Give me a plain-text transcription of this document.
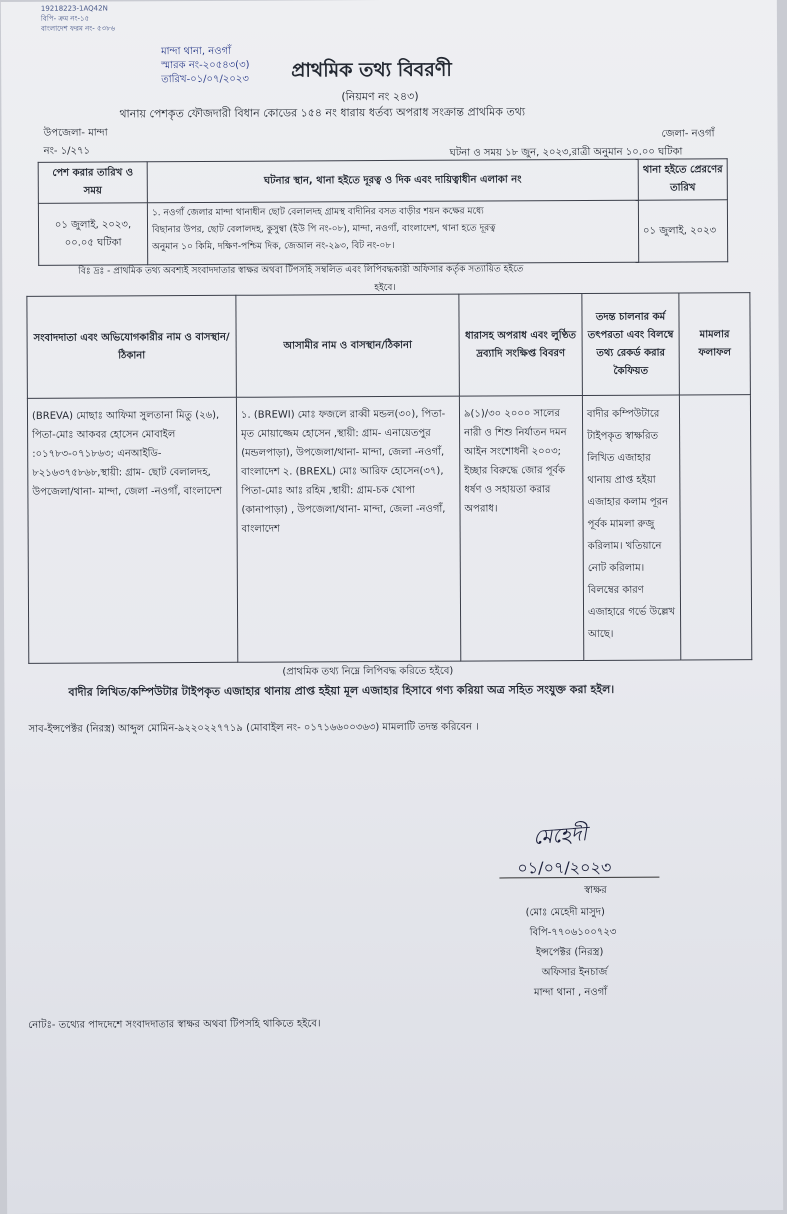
19218223-1AQ42N
বিপি- ক্রম নং-১৫
বাংলাদেশ ফরম নং- ৫৩৮৬
মান্দা থানা, নওগাঁ
স্মারক নং-২০৫৪৩(৩)
তারিখ-০১/০৭/২০২৩ প্রাথমিক তথ্য বিবরণী
(নিয়মণ নং ২৪৩)
থানায় পেশকৃত ফৌজদারী বিধান কোডের ১৫৪ নং ধারায় ধর্তব্য অপরাধ সংক্রান্ত প্রাথমিক তথ্য
উপজেলা- মান্দা	জেলা- নওগাঁ
নং- ১/২৭১	ঘটনা ও সময় ১৮ জুন, ২০২৩,রাত্রী অনুমান ১০.০০ ঘটিকা
পেশ করার তারিখ ও সময়	ঘটনার স্থান, থানা হইতে দূরত্ব ও দিক এবং দায়িত্বাধীন এলাকা নং	থানা হইতে প্রেরণের তারিখ
০১ জুলাই, ২০২৩, ০০.০৫ ঘটিকা	১. নওগাঁ জেলার মান্দা থানাধীন ছোট বেলালদহ গ্রামস্থ বাদীনির বসত বাড়ীর শয়ন কক্ষের মধ্যে
বিছানার উপর, ছোট বেলালদহ, কুসুম্বা (ইউ পি নং-০৮), মান্দা, নওগাঁ, বাংলাদেশ, থানা হতে দূরত্ব
অনুমান ১০ কিমি, দক্ষিণ-পশ্চিম দিক, জেআল নং-২৯৩, বিট নং-০৮।	০১ জুলাই, ২০২৩
বিঃ দ্রঃ - প্রাথমিক তথ্য অবশ্যই সংবাদদাতার স্বাক্ষর অথবা টিপসহি সম্বলিত এবং লিপিবদ্ধকারী অফিসার কর্তৃক সত্যায়িত হইতে
হইবে।
সংবাদদাতা এবং অভিযোগকারীর নাম ও বাসস্থান/ঠিকানা	আসামীর নাম ও বাসস্থান/ঠিকানা	ধারাসহ অপরাধ এবং লুণ্ঠিত দ্রব্যাদি সংক্ষিপ্ত বিবরণ	তদন্ত চালনার কর্ম তৎপরতা এবং বিলম্বে তথ্য রেকর্ড করার কৈফিয়ত	মামলার ফলাফল
(BREVA) মোছাঃ আফিমা সুলতানা মিতু (২৬), পিতা-মোঃ আকবর হোসেন মোবাইল :০১৭৮৩-০৭১৮৬৩; এনআইডি- ৮২১৬৩৭৫৮৬৮,স্থায়ী: গ্রাম- ছোট বেলালদহ, উপজেলা/থানা- মান্দা, জেলা -নওগাঁ, বাংলাদেশ	১. (BREWI) মোঃ ফজলে রাব্বী মন্ডল(৩০), পিতা-মৃত মোয়াজ্জেম হোসেন ,স্থায়ী: গ্রাম- এনায়েতপুর (মন্ডলপাড়া), উপজেলা/থানা- মান্দা, জেলা -নওগাঁ, বাংলাদেশ ২. (BREXL) মোঃ আরিফ হোসেন(৩৭), পিতা-মোঃ আঃ রহিম ,স্থায়ী: গ্রাম-চক খোপা (কানাপাড়া) , উপজেলা/থানা- মান্দা, জেলা -নওগাঁ, বাংলাদেশ	৯(১)/৩০ ২০০০ সালের নারী ও শিশু নির্যাতন দমন আইন সংশোধনী ২০০৩; ইচ্ছার বিরুদ্ধে জোর পূর্বক ধর্ষণ ও সহায়তা করার অপরাধ।	বাদীর কম্পিউটারে টাইপকৃত স্বাক্ষরিত লিখিত এজাহার থানায় প্রাপ্ত হইয়া এজাহার কলাম পূরন পূর্বক মামলা রুজু করিলাম। খতিয়ানে নোট করিলাম। বিলম্বের কারণ এজাহারে গর্ভে উল্লেখ আছে।	
(প্রাথমিক তথ্য নিম্নে লিপিবদ্ধ করিতে হইবে)
বাদীর লিখিত/কম্পিউটার টাইপকৃত এজাহার থানায় প্রাপ্ত হইয়া মূল এজাহার হিসাবে গণ্য করিয়া অত্র সহিত সংযুক্ত করা হইল।
সাব-ইন্সপেক্টর (নিরস্ত্র) আব্দুল মোমিন-৯২২০২২৭৭১৯ (মোবাইল নং- ০১৭১৬৬০০৩৬৩) মামলাটি তদন্ত করিবেন ।
মেহেদী
০১/০৭/২০২৩
স্বাক্ষর
(মোঃ মেহেদী মাসুদ)
বিপি-৭৭০৬১০০৭২৩
ইন্সপেক্টর (নিরস্ত্র)
অফিসার ইনচার্জ
মান্দা থানা , নওগাঁ
নোটঃ- তথ্যের পাদদেশে সংবাদদাতার স্বাক্ষর অথবা টিপসহি থাকিতে হইবে।
